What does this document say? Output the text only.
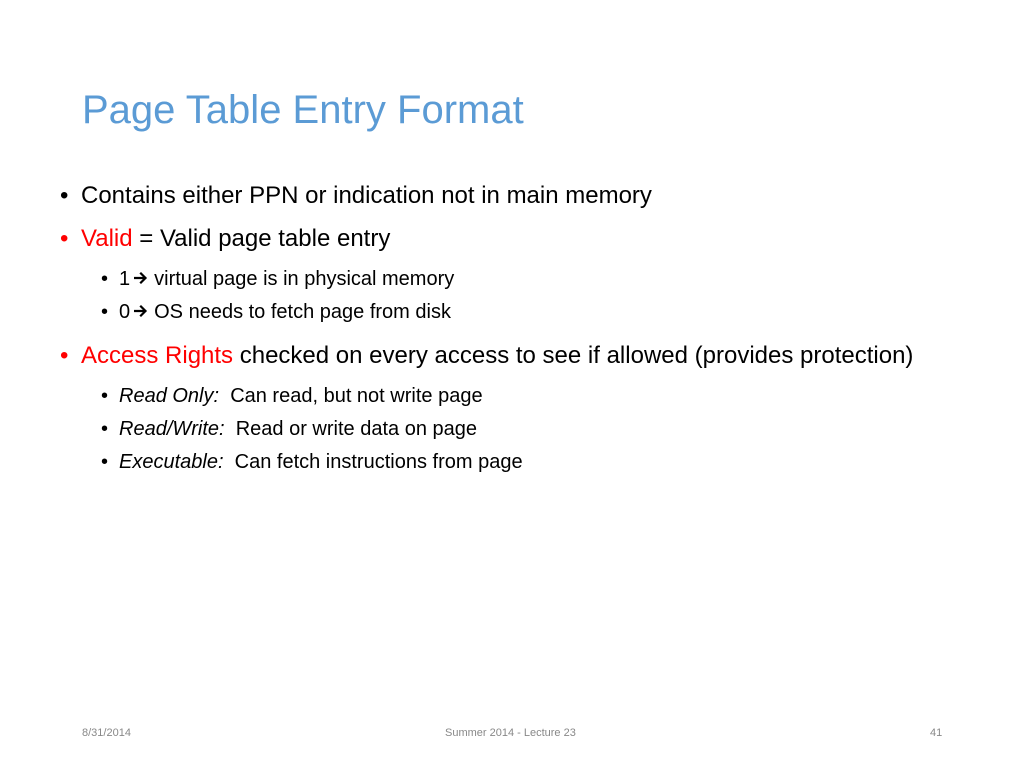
Page Table Entry Format
• Contains either PPN or indication not in main memory
• Valid = Valid page table entry
• 1 virtual page is in physical memory
• 0 OS needs to fetch page from disk
• Access Rights checked on every access to see if allowed (provides protection)
• Read Only: Can read, but not write page
• Read/Write: Read or write data on page
• Executable: Can fetch instructions from page
8/31/2014	Summer 2014 - Lecture 23	41
